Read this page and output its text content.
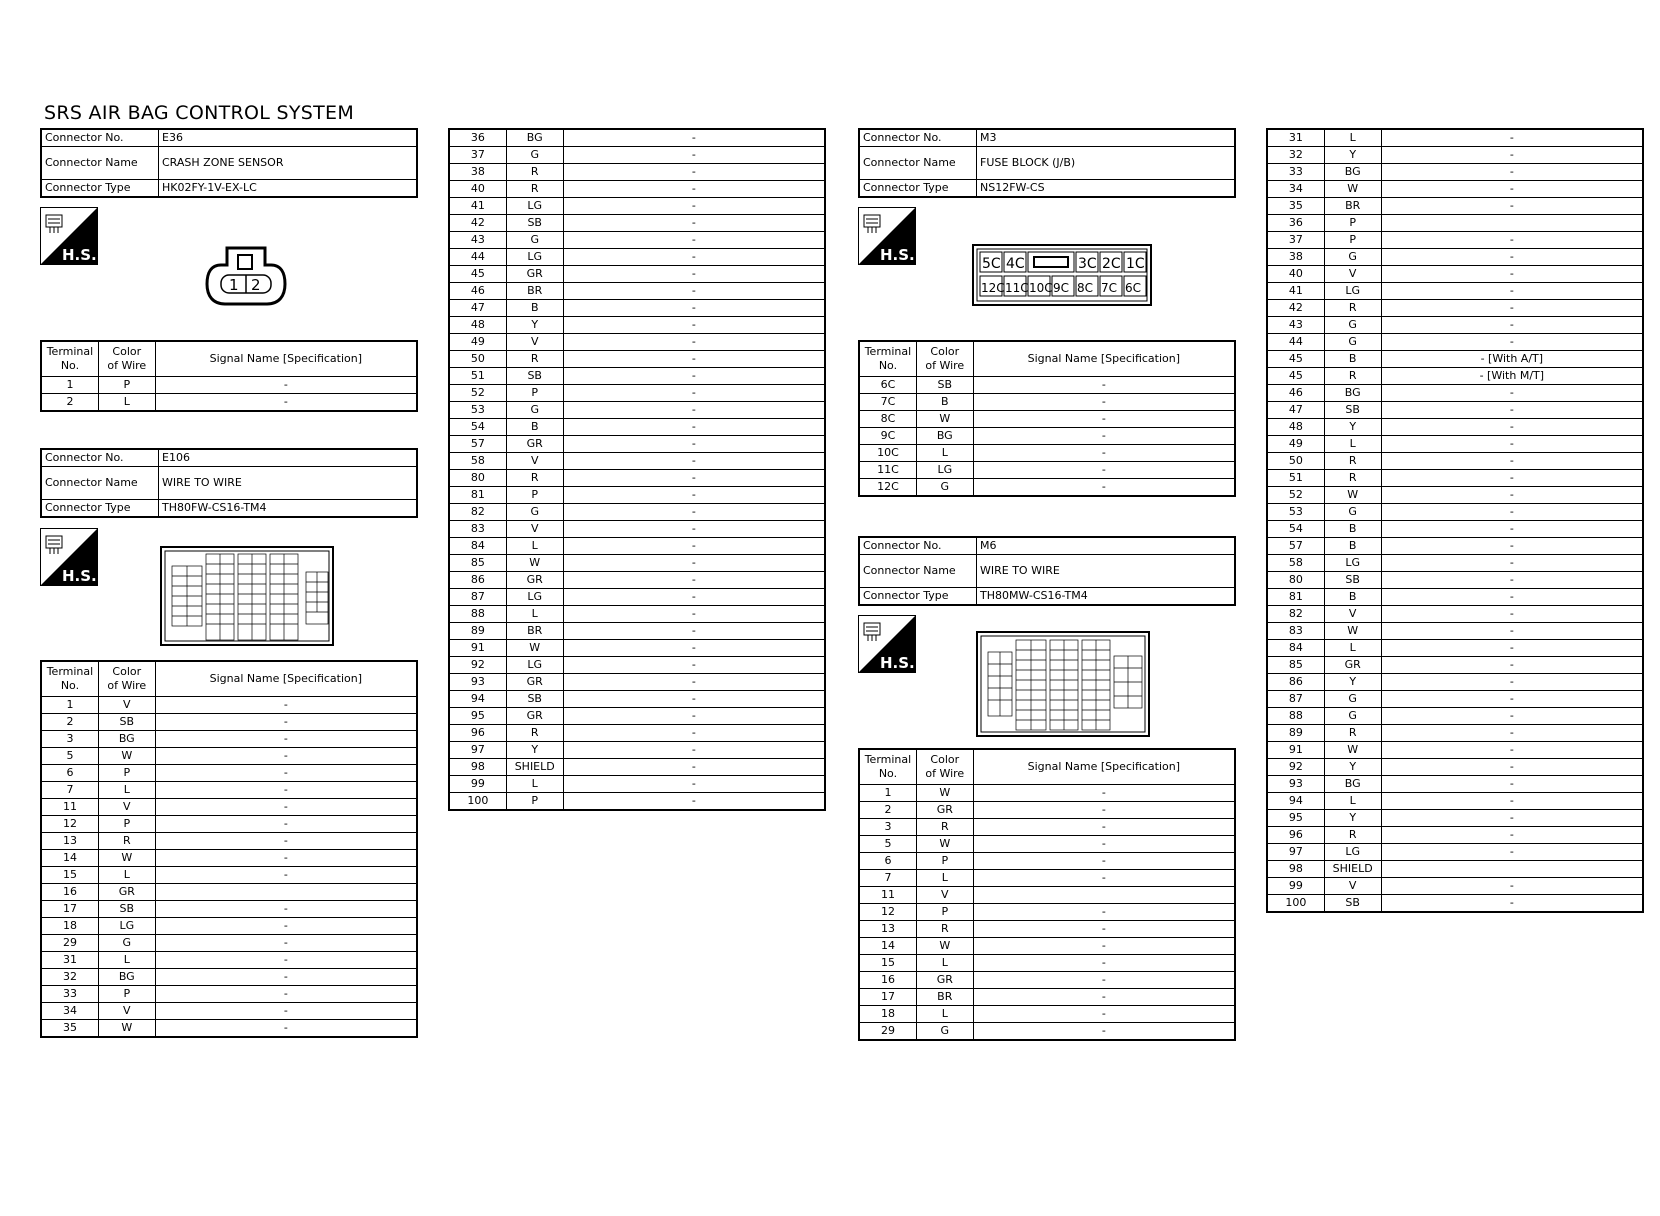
SRS AIR BAG CONTROL SYSTEM
Connector No.	E36
Connector Name	CRASH ZONE SENSOR
Connector Type	HK02FY-1V-EX-LC
H.S.
1 2
Terminal
No.	Color
of Wire	Signal Name [Specification]
1	P	-
2	L	-
Connector No.	E106
Connector Name	WIRE TO WIRE
Connector Type	TH80FW-CS16-TM4
H.S.
Terminal
No.	Color
of Wire	Signal Name [Specification]
1	V	-
2	SB	-
3	BG	-
5	W	-
6	P	-
7	L	-
11	V	-
12	P	-
13	R	-
14	W	-
15	L	-
16	GR	
17	SB	-
18	LG	-
29	G	-
31	L	-
32	BG	-
33	P	-
34	V	-
35	W	-
36	BG	-
37	G	-
38	R	-
40	R	-
41	LG	-
42	SB	-
43	G	-
44	LG	-
45	GR	-
46	BR	-
47	B	-
48	Y	-
49	V	-
50	R	-
51	SB	-
52	P	-
53	G	-
54	B	-
57	GR	-
58	V	-
80	R	-
81	P	-
82	G	-
83	V	-
84	L	-
85	W	-
86	GR	-
87	LG	-
88	L	-
89	BR	-
91	W	-
92	LG	-
93	GR	-
94	SB	-
95	GR	-
96	R	-
97	Y	-
98	SHIELD	-
99	L	-
100	P	-
Connector No.	M3
Connector Name	FUSE BLOCK (J/B)
Connector Type	NS12FW-CS
H.S.	5C 4C	3C 2C 1C
12C 11C 10C 9C 8C 7C 6C
Terminal
No.	Color
of Wire	Signal Name [Specification]
6C	SB	-
7C	B	-
8C	W	-
9C	BG	-
10C	L	-
11C	LG	-
12C	G	-
Connector No.	M6
Connector Name	WIRE TO WIRE
Connector Type	TH80MW-CS16-TM4
H.S.
Terminal
No.	Color
of Wire	Signal Name [Specification]
1	W	-
2	GR	-
3	R	-
5	W	-
6	P	-
7	L	-
11	V	
12	P	-
13	R	-
14	W	-
15	L	-
16	GR	-
17	BR	-
18	L	-
29	G	-
31	L	-
32	Y	-
33	BG	-
34	W	-
35	BR	-
36	P	
37	P	-
38	G	-
40	V	-
41	LG	-
42	R	-
43	G	-
44	G	-
45	B	- [With A/T]
45	R	- [With M/T]
46	BG	-
47	SB	-
48	Y	-
49	L	-
50	R	-
51	R	-
52	W	-
53	G	-
54	B	-
57	B	-
58	LG	-
80	SB	-
81	B	-
82	V	-
83	W	-
84	L	-
85	GR	-
86	Y	-
87	G	-
88	G	-
89	R	-
91	W	-
92	Y	-
93	BG	-
94	L	-
95	Y	-
96	R	-
97	LG	-
98	SHIELD	
99	V	-
100	SB	-
